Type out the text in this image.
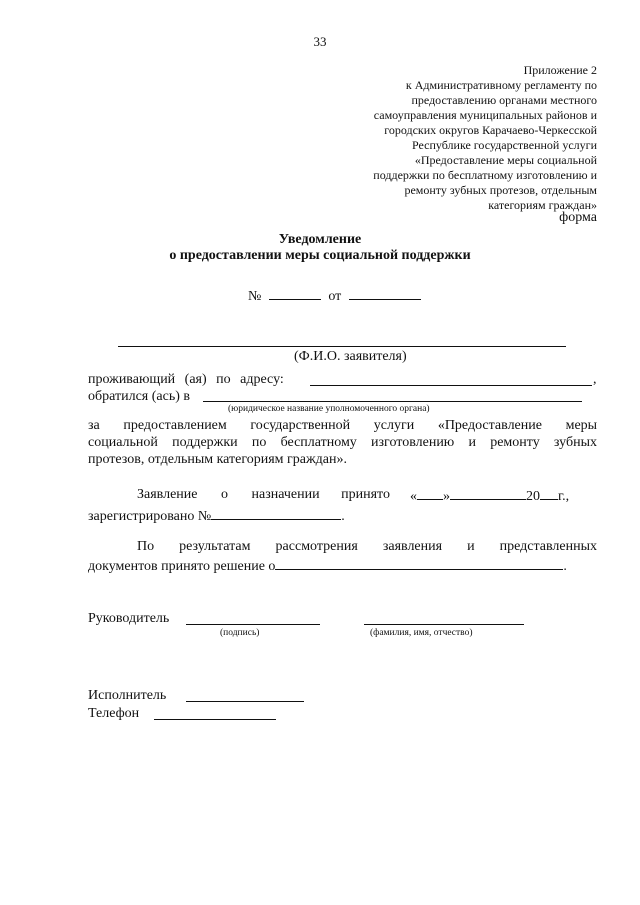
33
Приложение 2
к Административному регламенту по
предоставлению органами местного
самоуправления муниципальных районов и
городских округов Карачаево-Черкесской
Республике государственной услуги
«Предоставление меры социальной
поддержки по бесплатному изготовлению и
ремонту зубных протезов, отдельным
категориям граждан»
форма
Уведомление
о предоставлении меры социальной поддержки
№	от
(Ф.И.О. заявителя)
проживающий (ая) по адресу:	,
обратился (ась) в
(юридическое название уполномоченного органа)
за предоставлением государственной услуги «Предоставление меры
социальной поддержки по бесплатному изготовлению и ремонту зубных
протезов, отдельным категориям граждан».
Заявление о назначении принято « »	20 г.,
зарегистрировано №	.
По результатам рассмотрения заявления и представленных
документов принято решение о	.
Руководитель
(подпись)	(фамилия, имя, отчество)
Исполнитель
Телефон
